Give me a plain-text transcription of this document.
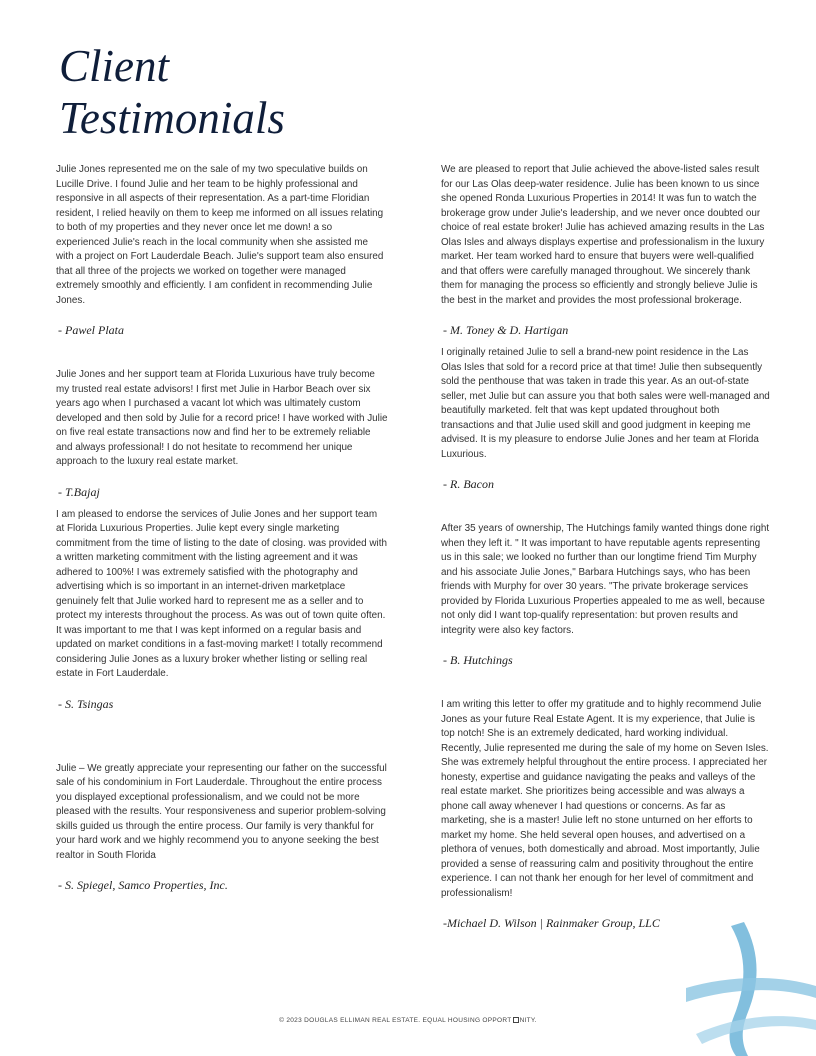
Client
Testimonials

Julie Jones represented me on the sale of my two speculative builds on Lucille Drive. I found Julie and her team to be highly professional and responsive in all aspects of their representation. As a part-time Floridian resident, I relied heavily on them to keep me informed on all issues relating to both of my properties and they never once let me down! a so experienced Julie's reach in the local community when she assisted me with a project on Fort Lauderdale Beach. Julie's support team also ensured that all three of the projects we worked on together were managed extremely smoothly and efficiently. I am confident in recommending Julie Jones.

- Pawel Plata

Julie Jones and her support team at Florida Luxurious have truly become my trusted real estate advisors! I first met Julie in Harbor Beach over six years ago when I purchased a vacant lot which was ultimately custom developed and then sold by Julie for a record price! I have worked with Julie on five real estate transactions now and find her to be extremely reliable and always professional! I do not hesitate to recommend her unique approach to the luxury real estate market.

- T.Bajaj

I am pleased to endorse the services of Julie Jones and her support team at Florida Luxurious Properties. Julie kept every single marketing commitment from the time of listing to the date of closing. was provided with a written marketing commitment with the listing agreement and it was adhered to 100%! I was extremely satisfied with the photography and advertising which is so important in an internet-driven marketplace genuinely felt that Julie worked hard to represent me as a seller and to protect my interests throughout the process. As was out of town quite often. It was important to me that I was kept informed on a regular basis and updated on market conditions in a fast-moving market! I totally recommend considering Julie Jones as a luxury broker whether listing or selling real estate in Fort Lauderdale.

- S. Tsingas

Julie – We greatly appreciate your representing our father on the successful sale of his condominium in Fort Lauderdale. Throughout the entire process you displayed exceptional professionalism, and we could not be more pleased with the results. Your responsiveness and superior problem-solving skills guided us through the entire process. Our family is very thankful for your hard work and we highly recommend you to anyone seeking the best realtor in South Florida

- S. Spiegel, Samco Properties, Inc.

We are pleased to report that Julie achieved the above-listed sales result for our Las Olas deep-water residence. Julie has been known to us since she opened Ronda Luxurious Properties in 2014! It was fun to watch the brokerage grow under Julie's leadership, and we never once doubted our choice of real estate broker! Julie has achieved amazing results in the Las Olas Isles and always displays expertise and professionalism in the luxury market. Her team worked hard to ensure that buyers were well-qualified and that offers were carefully managed throughout. We sincerely thank them for managing the process so efficiently and strongly believe Julie is the best in the market and provides the most professional brokerage.

- M. Toney & D. Hartigan

I originally retained Julie to sell a brand-new point residence in the Las Olas Isles that sold for a record price at that time! Julie then subsequently sold the penthouse that was taken in trade this year. As an out-of-state seller, met Julie but can assure you that both sales were well-managed and beautifully marketed. felt that was kept updated throughout both transactions and that Julie used skill and good judgment in keeping me advised. It is my pleasure to endorse Julie Jones and her team at Florida Luxurious.

- R. Bacon

After 35 years of ownership, The Hutchings family wanted things done right when they left it. " It was important to have reputable agents representing us in this sale; we looked no further than our longtime friend Tim Murphy and his associate Julie Jones," Barbara Hutchings says, who has been friends with Murphy for over 30 years. "The private brokerage services provided by Florida Luxurious Properties appealed to me as well, because not only did I want top-qualify representation: but proven results and integrity were also key factors.

- B. Hutchings

I am writing this letter to offer my gratitude and to highly recommend Julie Jones as your future Real Estate Agent. It is my experience, that Julie is top notch! She is an extremely dedicated, hard working individual. Recently, Julie represented me during the sale of my home on Seven Isles. She was extremely helpful throughout the entire process. I appreciated her honesty, expertise and guidance navigating the peaks and valleys of the real estate market. She prioritizes being accessible and was always a phone call away whenever I had questions or concerns. As far as marketing, she is a master! Julie left no stone unturned on her efforts to market my home. She held several open houses, and advertised on a plethora of venues, both domestically and abroad. Most importantly, Julie provided a sense of reassuring calm and positivity throughout the entire experience. I can not thank her enough for her level of commitment and professionalism!

-Michael D. Wilson | Rainmaker Group, LLC
© 2023 DOUGLAS ELLIMAN REAL ESTATE. EQUAL HOUSING OPPORT NITY.
